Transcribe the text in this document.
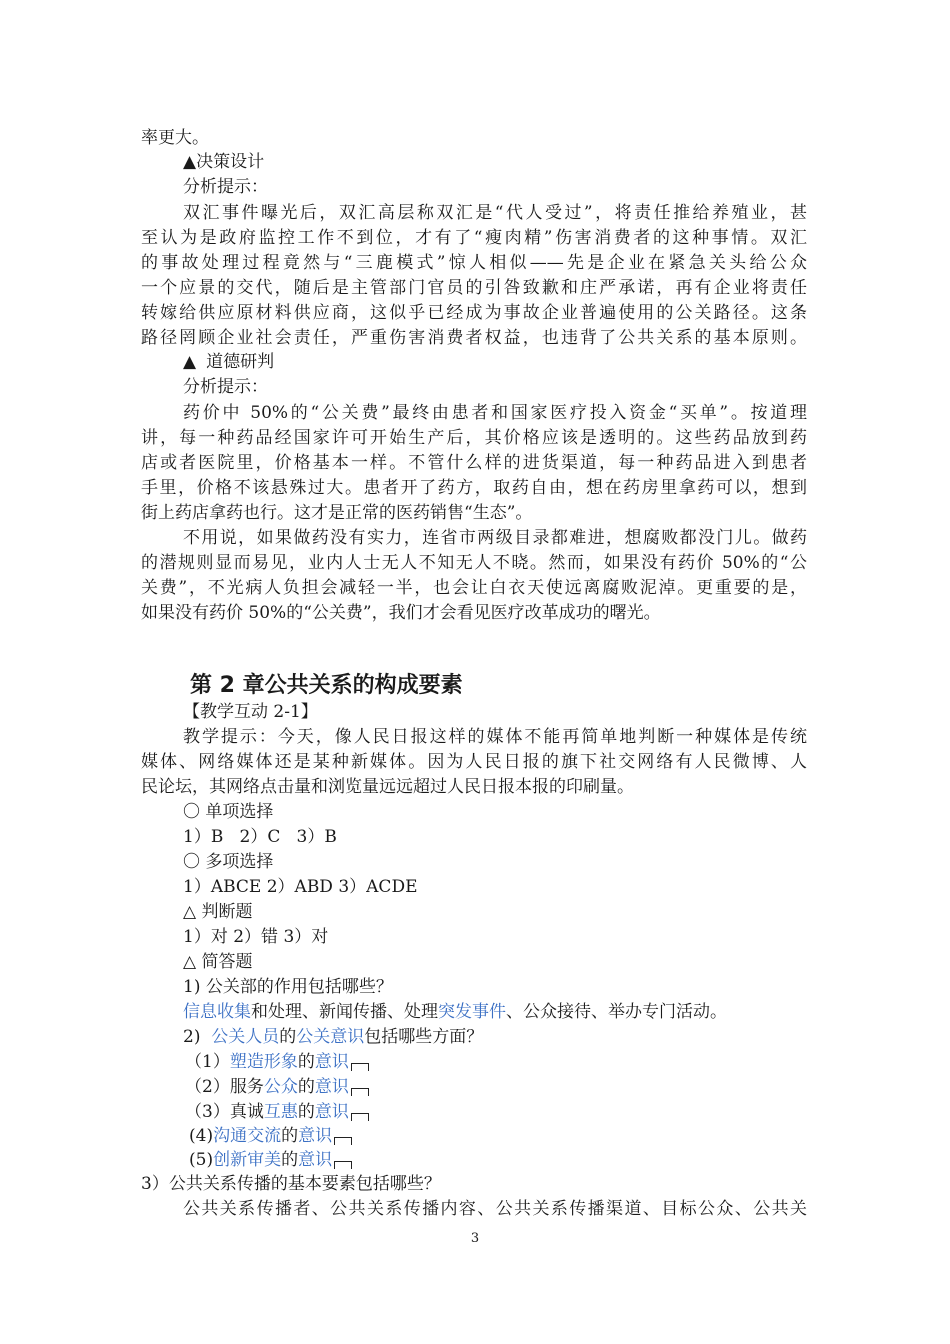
率更大。
▲决策设计
分析提示：
双汇事件曝光后，双汇高层称双汇是“代人受过”，将责任推给养殖业，甚
至认为是政府监控工作不到位，才有了“瘦肉精”伤害消费者的这种事情。双汇
的事故处理过程竟然与“三鹿模式”惊人相似——先是企业在紧急关头给公众
一个应景的交代，随后是主管部门官员的引咎致歉和庄严承诺，再有企业将责任
转嫁给供应原材料供应商，这似乎已经成为事故企业普遍使用的公关路径。这条
路径罔顾企业社会责任，严重伤害消费者权益，也违背了公共关系的基本原则。
▲ 道德研判
分析提示：
药价中 50%的“公关费”最终由患者和国家医疗投入资金“买单”。按道理
讲，每一种药品经国家许可开始生产后，其价格应该是透明的。这些药品放到药
店或者医院里，价格基本一样。不管什么样的进货渠道，每一种药品进入到患者
手里，价格不该悬殊过大。患者开了药方，取药自由，想在药房里拿药可以，想到
街上药店拿药也行。这才是正常的医药销售“生态”。
不用说，如果做药没有实力，连省市两级目录都难进，想腐败都没门儿。做药
的潜规则显而易见，业内人士无人不知无人不晓。然而，如果没有药价 50%的“公
关费”，不光病人负担会减轻一半，也会让白衣天使远离腐败泥淖。更重要的是，
如果没有药价 50%的“公关费”，我们才会看见医疗改革成功的曙光。
第 2 章公共关系的构成要素
【教学互动 2-1】
教学提示：今天，像人民日报这样的媒体不能再简单地判断一种媒体是传统
媒体、网络媒体还是某种新媒体。因为人民日报的旗下社交网络有人民微博、人
民论坛，其网络点击量和浏览量远远超过人民日报本报的印刷量。
〇 单项选择
1）B   2）C   3）B
〇 多项选择
1）ABCE 2）ABD 3）ACDE
△ 判断题
1）对 2）错 3）对
△ 简答题
1) 公关部的作用包括哪些？
信息收集和处理、新闻传播、处理突发事件、公众接待、举办专门活动。
2)  公关人员的公关意识包括哪些方面？
（1）塑造形象的意识
（2）服务公众的意识
（3）真诚互惠的意识
(4)沟通交流的意识
(5)创新审美的意识
3）公共关系传播的基本要素包括哪些？
公共关系传播者、公共关系传播内容、公共关系传播渠道、目标公众、公共关
3
